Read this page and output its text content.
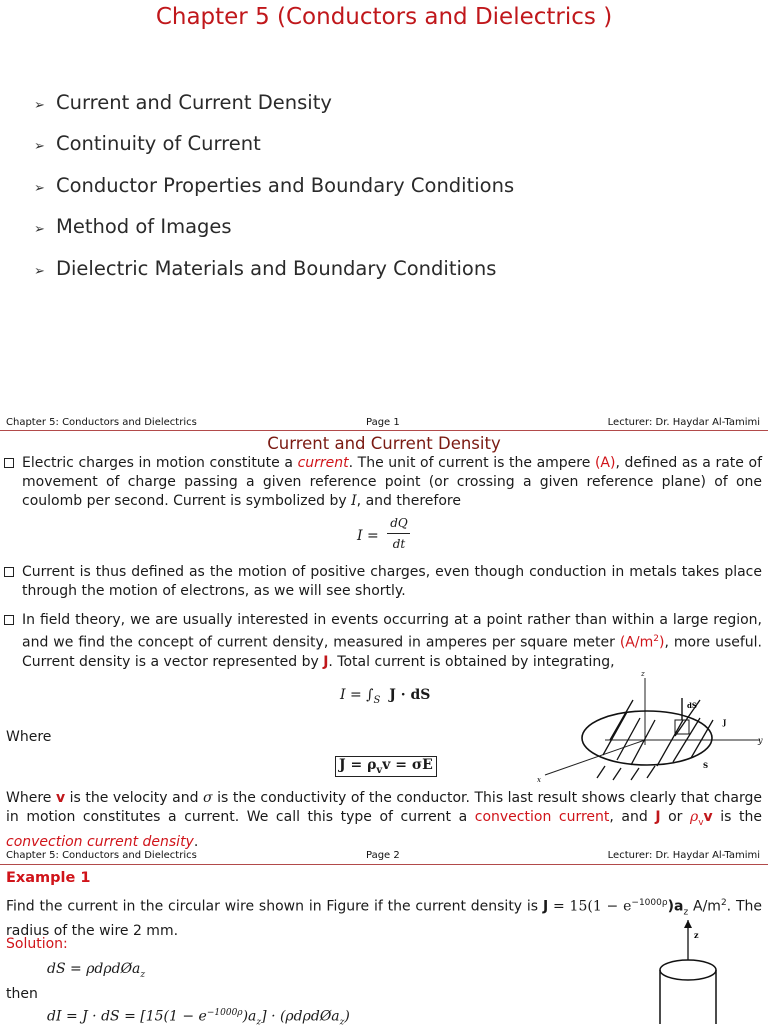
Chapter 5 (Conductors and Dielectrics )
➢ Current and Current Density
➢ Continuity of Current
➢ Conductor Properties and Boundary Conditions
➢ Method of Images
➢ Dielectric Materials and Boundary Conditions
Chapter 5: Conductors and Dielectrics	Page 1	Lecturer: Dr. Haydar Al-Tamimi
Current and Current Density
Electric charges in motion constitute a current. The unit of current is the ampere (A), defined as a rate of movement of charge passing a given reference point (or crossing a given reference plane) of one coulomb per second. Current is symbolized by I, and therefore
I =
dQ
dt
Current is thus defined as the motion of positive charges, even though conduction in metals takes place through the motion of electrons, as we will see shortly.
In field theory, we are usually interested in events occurring at a point rather than within a large region, and we find the concept of current density, measured in amperes per square meter $(A/m^2)$, more useful. Current density is a vector represented by J. Total current is obtained by integrating,
$I = \int_S$ J · dS
Where
$J = \rho_vv = \sigma E$
z
y
x
dS
J
S
Where v is the velocity and σ is the conductivity of the conductor. This last result shows clearly that charge in motion constitutes a current. We call this type of current a convection current, and J or $\rho_vv$ is the convection current density.
Chapter 5: Conductors and Dielectrics	Page 2	Lecturer: Dr. Haydar Al-Tamimi
Example 1
Find the current in the circular wire shown in Figure if the current density is $J = 15(1 - e^{-1000\rho})a_z$ $A/m^2$. The radius of the wire 2 mm.
Solution:
dS = ρdρdØa$_z$
then
dI = J · dS = $[15(1 - e^{-1000\rho})a_z]$ · (ρdρdØa$_z$)
z
